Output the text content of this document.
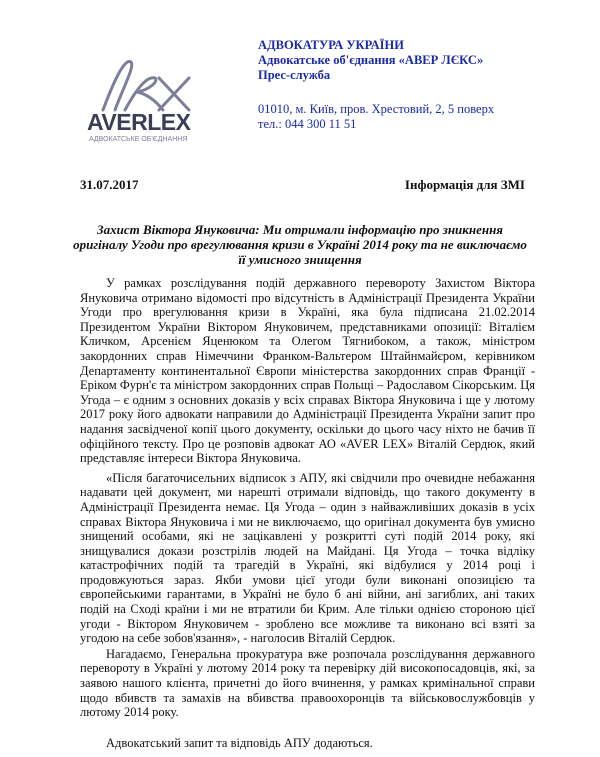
AVERLEX
АДВОКАТСЬКЕ ОБ'ЄДНАННЯ
АДВОКАТУРА УКРАЇНИ
Адвокатське об'єднання «АВЕР ЛЄКС»
Прес-служба
01010, м. Київ, пров. Хрестовий, 2, 5 поверх
тел.: 044 300 11 51
31.07.2017	Інформація для ЗМІ
Захист Віктора Януковича: Ми отримали інформацію про зникнення оригіналу Угоди про врегулювання кризи в Україні 2014 року та не виключаємо її умисного знищення

У рамках розслідування подій державного перевороту Захистом Віктора Януковича отримано відомості про відсутність в Адміністрації Президента України Угоди про врегулювання кризи в Україні, яка була підписана 21.02.2014 Президентом України Віктором Януковичем, представниками опозиції: Віталієм Кличком, Арсенієм Яценюком та Олегом Тягнибоком, а також, міністром закордонних справ Німеччини Франком-Вальтером Штайнмайєром, керівником Департаменту континентальної Європи міністерства закордонних справ Франції - Еріком Фурн'є та міністром закордонних справ Польщі – Радославом Сікорським. Ця Угода – є одним з основних доказів у всіх справах Віктора Януковича і ще у лютому 2017 року його адвокати направили до Адміністрації Президента України запит про надання засвідченої копії цього документу, оскільки до цього часу ніхто не бачив її офіційного тексту. Про це розповів адвокат АО «AVER LEX» Віталій Сердюк, який представляє інтереси Віктора Януковича.

«Після багаточисельних відписок з АПУ, які свідчили про очевидне небажання надавати цей документ, ми нарешті отримали відповідь, що такого документу в Адміністрації Президента немає. Ця Угода – один з найважливіших доказів в усіх справах Віктора Януковича і ми не виключаємо, що оригінал документа був умисно знищений особами, які не зацікавлені у розкритті суті подій 2014 року, які знищувалися докази розстрілів людей на Майдані. Ця Угода – точка відліку катастрофічних подій та трагедій в Україні, які відбулися у 2014 році і продовжуються зараз. Якби умови цієї угоди були виконані опозицією та європейськими гарантами, в Україні не було б ані війни, ані загиблих, ані таких подій на Сході країни і ми не втратили би Крим. Але тільки однією стороною цієї угоди - Віктором Януковичем - зроблено все можливе та виконано всі взяті за угодою на себе зобов'язання», - наголосив Віталій Сердюк.

Нагадаємо, Генеральна прокуратура вже розпочала розслідування державного перевороту в Україні у лютому 2014 року та перевірку дій високопосадовців, які, за заявою нашого клієнта, причетні до його вчинення, у рамках кримінальної справи щодо вбивств та замахів на вбивства правоохоронців та військовослужбовців у лютому 2014 року.

Адвокатський запит та відповідь АПУ додаються.
